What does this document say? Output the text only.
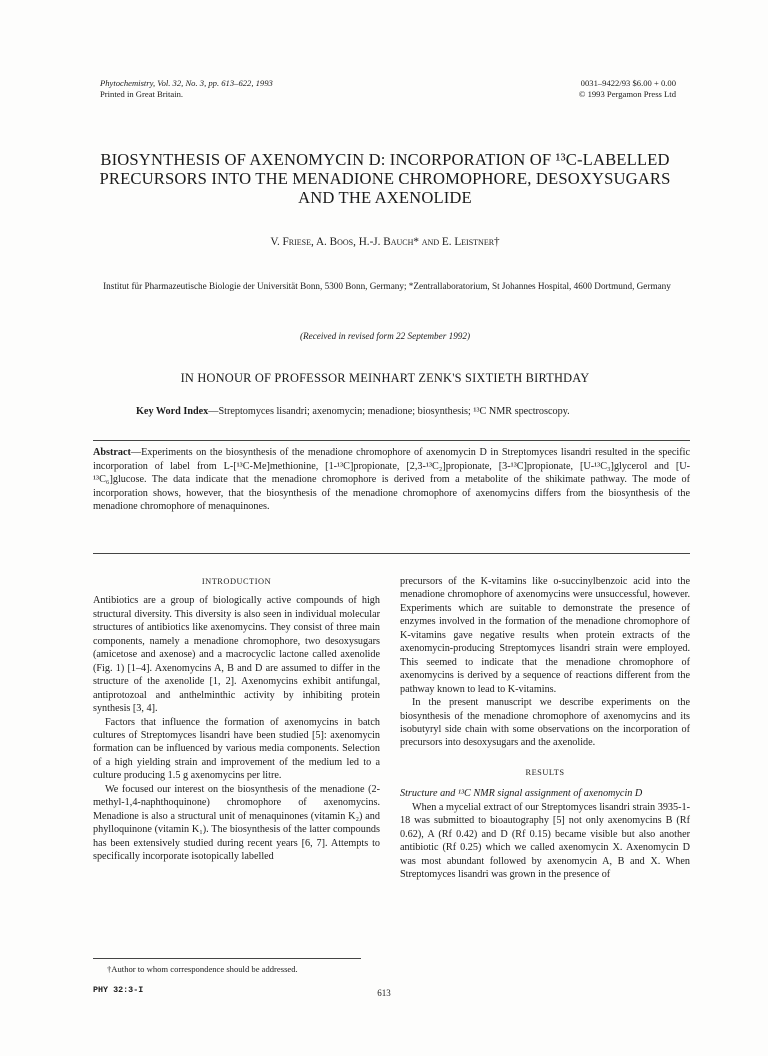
Phytochemistry, Vol. 32, No. 3, pp. 613–622, 1993
Printed in Great Britain.
0031–9422/93 $6.00 + 0.00
© 1993 Pergamon Press Ltd
BIOSYNTHESIS OF AXENOMYCIN D: INCORPORATION OF ¹³C-LABELLED
PRECURSORS INTO THE MENADIONE CHROMOPHORE, DESOXYSUGARS
AND THE AXENOLIDE
V. Friese, A. Boos, H.-J. Bauch* and E. Leistner†
Institut für Pharmazeutische Biologie der Universität Bonn, 5300 Bonn, Germany; *Zentrallaboratorium, St Johannes Hospital, 4600 Dortmund, Germany
(Received in revised form 22 September 1992)
IN HONOUR OF PROFESSOR MEINHART ZENK'S SIXTIETH BIRTHDAY
Key Word Index—Streptomyces lisandri; axenomycin; menadione; biosynthesis; ¹³C NMR spectroscopy.
Abstract—Experiments on the biosynthesis of the menadione chromophore of axenomycin D in Streptomyces lisandri resulted in the specific incorporation of label from L-[¹³C-Me]methionine, [1-¹³C]propionate, [2,3-¹³C₂]propionate, [3-¹³C]propionate, [U-¹³C₃]glycerol and [U-¹³C₆]glucose. The data indicate that the menadione chromophore is derived from a metabolite of the shikimate pathway. The mode of incorporation shows, however, that the biosynthesis of the menadione chromophore of axenomycins differs from the biosynthesis of the menadione chromophore of menaquinones.
INTRODUCTION

Antibiotics are a group of biologically active compounds of high structural diversity. This diversity is also seen in individual molecular structures of antibiotics like axenomycins. They consist of three main components, namely a menadione chromophore, two desoxysugars (amicetose and axenose) and a macrocyclic lactone called axenolide (Fig. 1) [1–4]. Axenomycins A, B and D are assumed to differ in the structure of the axenolide [1, 2]. Axenomycins exhibit antifungal, antiprotozoal and anthelminthic activity by inhibiting protein synthesis [3, 4].

Factors that influence the formation of axenomycins in batch cultures of Streptomyces lisandri have been studied [5]: axenomycin formation can be influenced by various media components. Selection of a high yielding strain and improvement of the medium led to a culture producing 1.5 g axenomycins per litre.

We focused our interest on the biosynthesis of the menadione (2-methyl-1,4-naphthoquinone) chromophore of axenomycins. Menadione is also a structural unit of menaquinones (vitamin K₂) and phylloquinone (vitamin K₁). The biosynthesis of the latter compounds has been extensively studied during recent years [6, 7]. Attempts to specifically incorporate isotopically labelled

precursors of the K-vitamins like o-succinylbenzoic acid into the menadione chromophore of axenomycins were unsuccessful, however. Experiments which are suitable to demonstrate the presence of enzymes involved in the formation of the menadione chromophore of K-vitamins gave negative results when protein extracts of the axenomycin-producing Streptomyces lisandri strain were employed. This seemed to indicate that the menadione chromophore of axenomycins is derived by a sequence of reactions different from the pathway known to lead to K-vitamins.

In the present manuscript we describe experiments on the biosynthesis of the menadione chromophore of axenomycins and its isobutyryl side chain with some observations on the incorporation of precursors into desoxysugars and the axenolide.

RESULTS

Structure and ¹³C NMR signal assignment of axenomycin D

When a mycelial extract of our Streptomyces lisandri strain 3935-1-18 was submitted to bioautography [5] not only axenomycins B (Rf 0.62), A (Rf 0.42) and D (Rf 0.15) became visible but also another antibiotic (Rf 0.25) which we called axenomycin X. Axenomycin D was most abundant followed by axenomycin A, B and X. When Streptomyces lisandri was grown in the presence of

†Author to whom correspondence should be addressed.
PHY 32:3-I	613
